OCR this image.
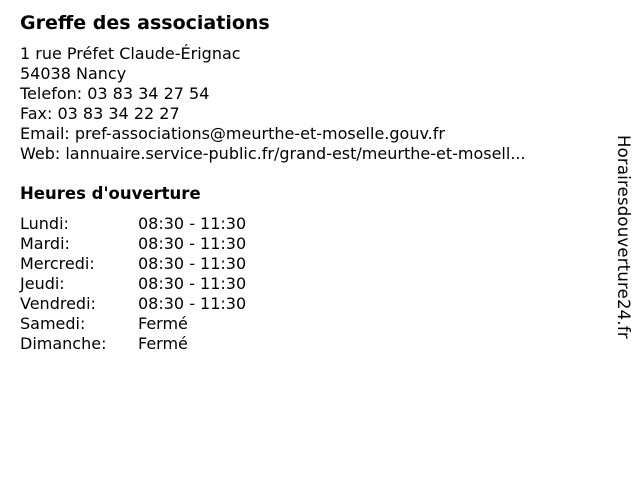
Greffe des associations
1 rue Préfet Claude-Érignac
54038 Nancy
Telefon: 03 83 34 27 54
Fax: 03 83 34 22 27
Email: pref-associations@meurthe-et-moselle.gouv.fr
Web: lannuaire.service-public.fr/grand-est/meurthe-et-mosell...
Heures d'ouverture
Lundi:	08:30 - 11:30
Mardi:	08:30 - 11:30
Mercredi:	08:30 - 11:30
Jeudi:	08:30 - 11:30
Vendredi:	08:30 - 11:30
Samedi:	Fermé
Dimanche: Fermé
Horairesdouverture24.fr
